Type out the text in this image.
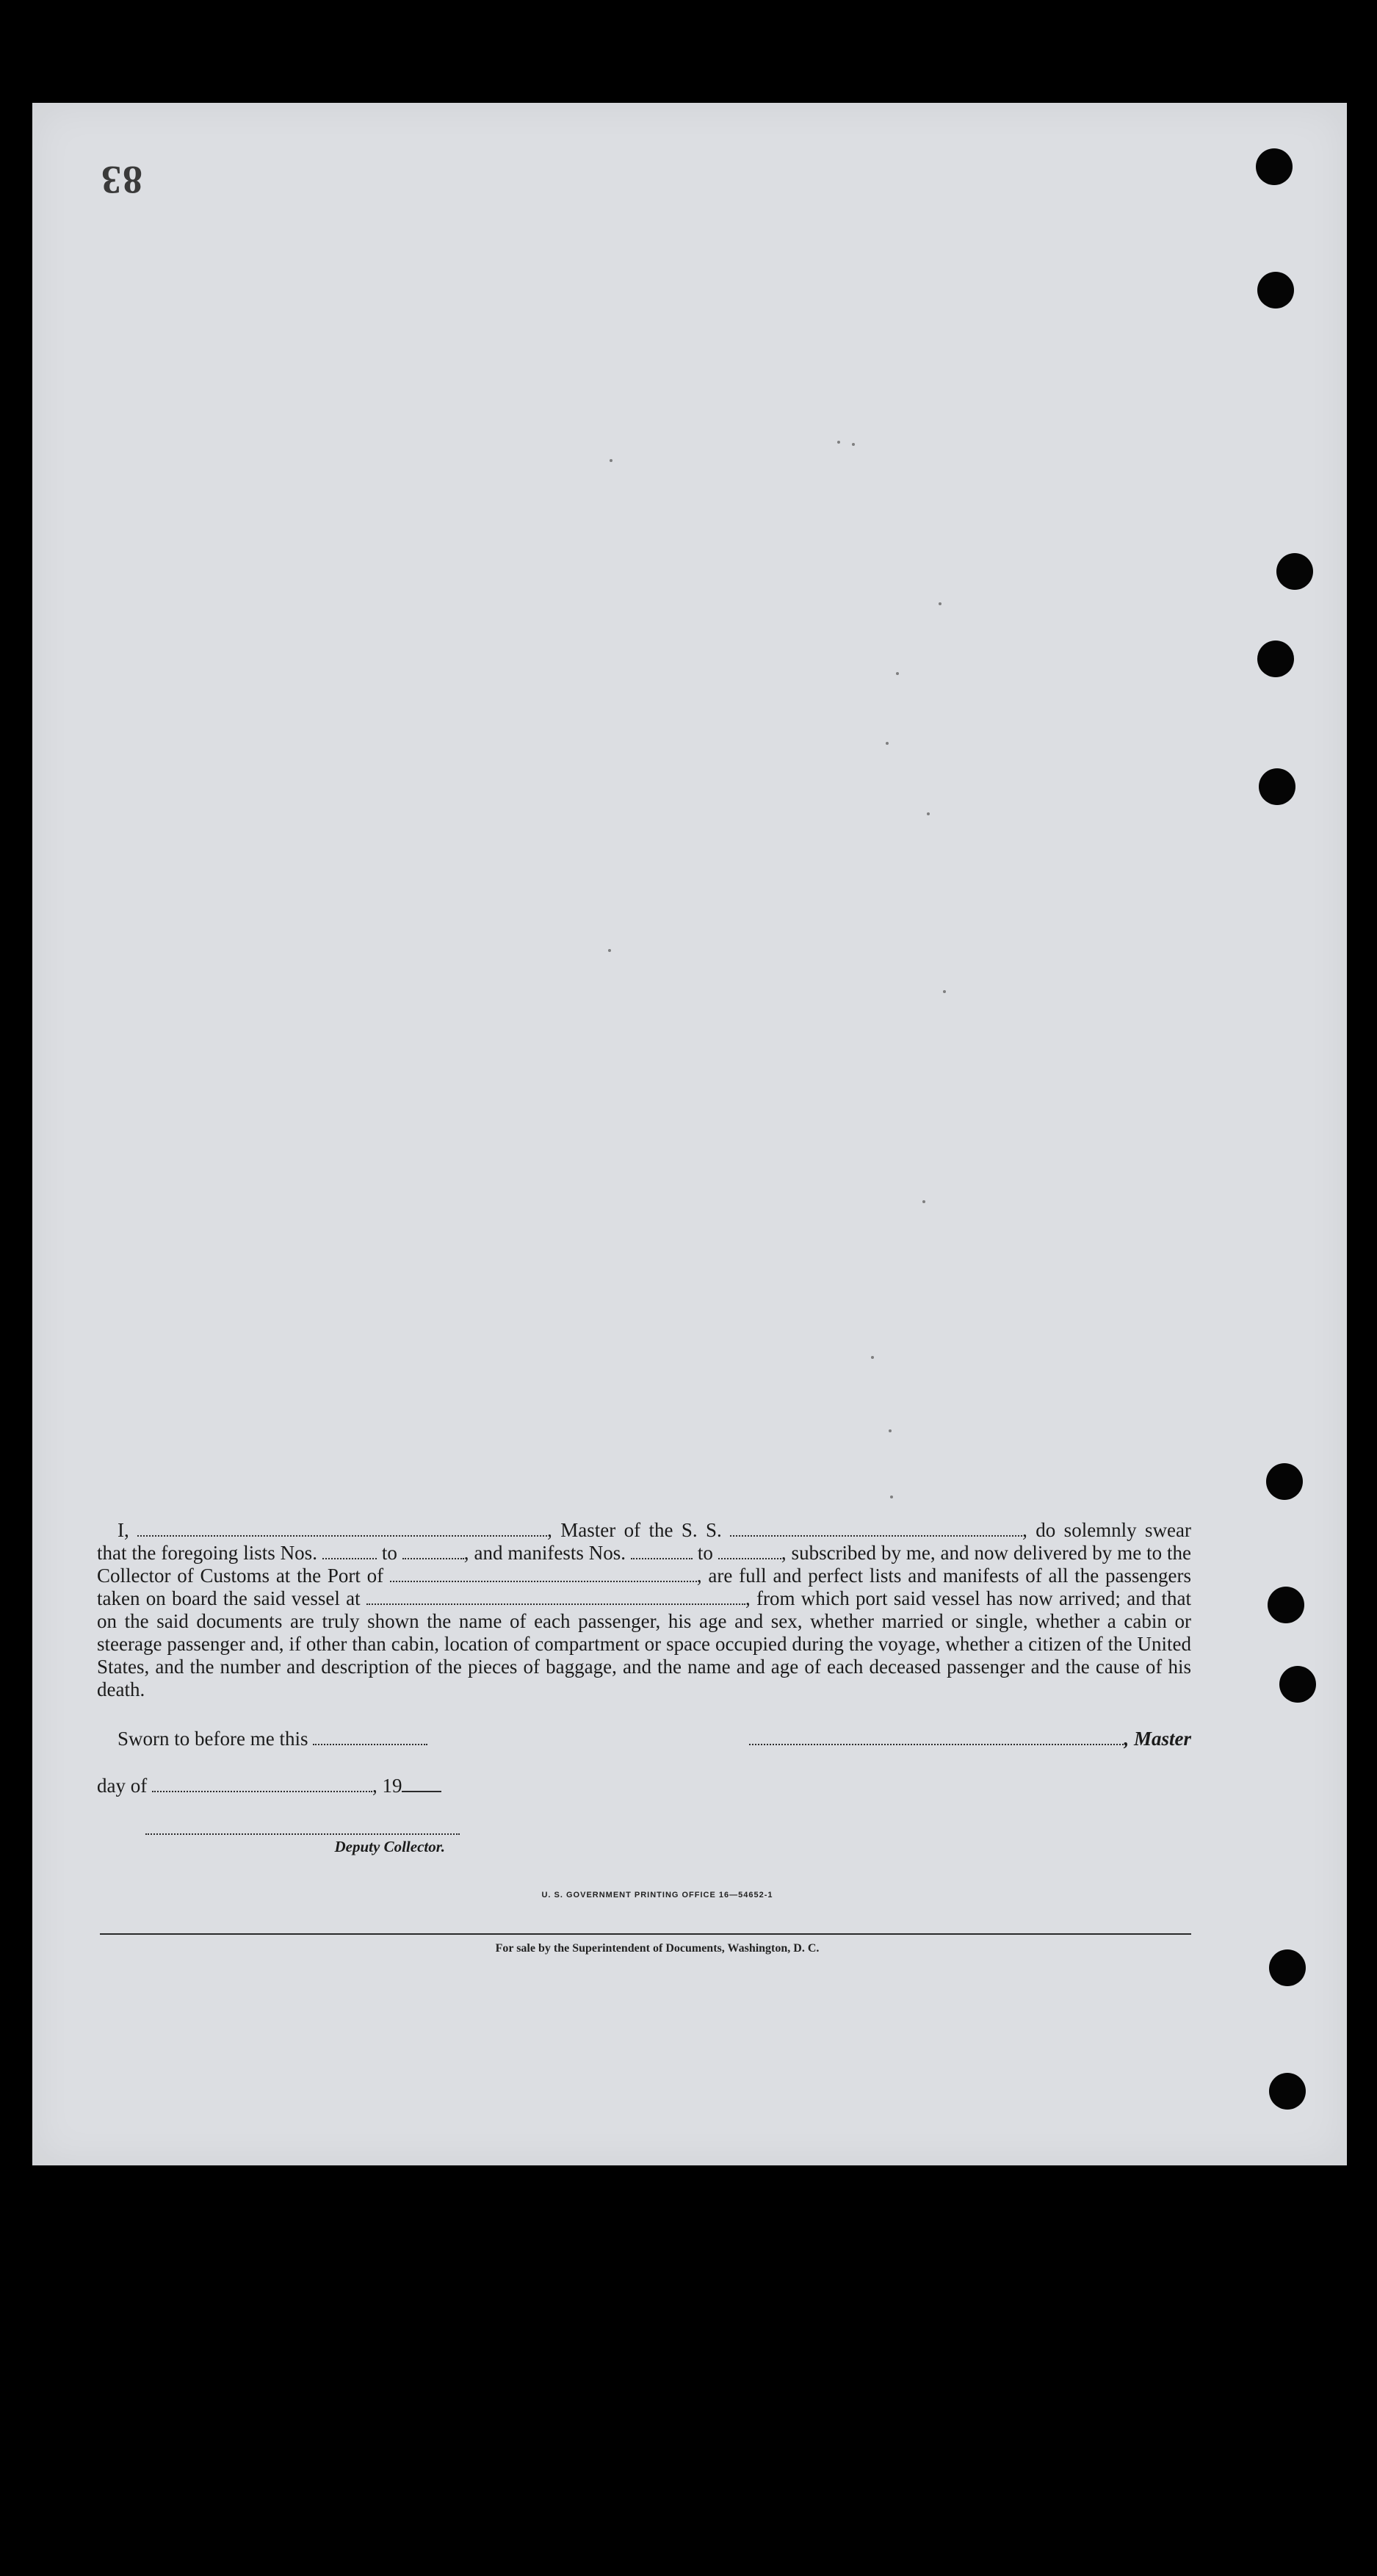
83
I,	, Master of the S. S.	, do solemnly swear that the foregoing lists Nos.	to	, and manifests Nos.	to	, subscribed by me, and now delivered by me to the Collector of Customs at the Port of	, are full and perfect lists and manifests of all the passengers taken on board the said vessel at	, from which port said vessel has now arrived; and that on the said documents are truly shown the name of each passenger, his age and sex, whether married or single, whether a cabin or steerage passenger and, if other than cabin, location of compartment or space occupied during the voyage, whether a citizen of the United States, and the number and description of the pieces of baggage, and the name and age of each deceased passenger and the cause of his death.
Sworn to before me this	, Master
day of	, 19
Deputy Collector.
U. S. GOVERNMENT PRINTING OFFICE 16—54652-1
For sale by the Superintendent of Documents, Washington, D. C.
